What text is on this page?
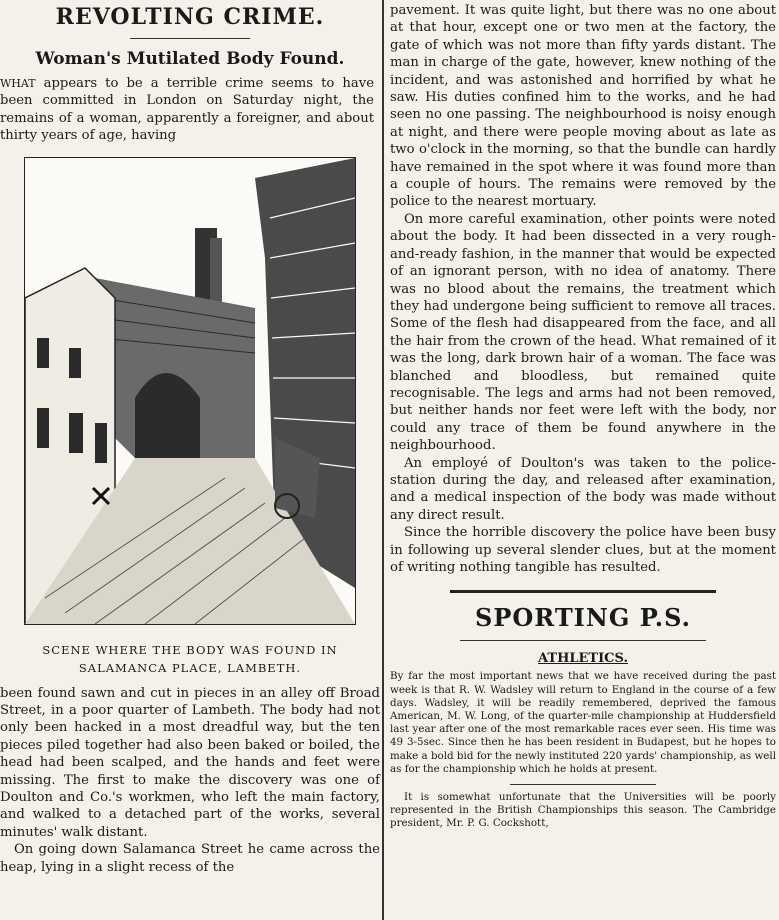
REVOLTING CRIME.
Woman's Mutilated Body Found.

WHAT appears to be a terrible crime seems to have been committed in London on Saturday night, the remains of a woman, apparently a foreigner, and about thirty years of age, having

SCENE WHERE THE BODY WAS FOUND IN
SALAMANCA PLACE, LAMBETH.

been found sawn and cut in pieces in an alley off Broad Street, in a poor quarter of Lambeth. The body had not only been hacked in a most dreadful way, but the ten pieces piled together had also been baked or boiled, the head had been scalped, and the hands and feet were missing. The first to make the discovery was one of Doulton and Co.'s workmen, who left the main factory, and walked to a detached part of the works, several minutes' walk distant.

On going down Salamanca Street he came across the heap, lying in a slight recess of the

pavement. It was quite light, but there was no one about at that hour, except one or two men at the factory, the gate of which was not more than fifty yards distant. The man in charge of the gate, however, knew nothing of the incident, and was astonished and horrified by what he saw. His duties confined him to the works, and he had seen no one passing. The neighbourhood is noisy enough at night, and there were people moving about as late as two o'clock in the morning, so that the bundle can hardly have remained in the spot where it was found more than a couple of hours. The remains were removed by the police to the nearest mortuary.

On more careful examination, other points were noted about the body. It had been dissected in a very rough-and-ready fashion, in the manner that would be expected of an ignorant person, with no idea of anatomy. There was no blood about the remains, the treatment which they had undergone being sufficient to remove all traces. Some of the flesh had disappeared from the face, and all the hair from the crown of the head. What remained of it was the long, dark brown hair of a woman. The face was blanched and bloodless, but remained quite recognisable. The legs and arms had not been removed, but neither hands nor feet were left with the body, nor could any trace of them be found anywhere in the neighbourhood.

An employé of Doulton's was taken to the police-station during the day, and released after examination, and a medical inspection of the body was made without any direct result.

Since the horrible discovery the police have been busy in following up several slender clues, but at the moment of writing nothing tangible has resulted.

SPORTING P.S.
ATHLETICS.

By far the most important news that we have received during the past week is that R. W. Wadsley will return to England in the course of a few days. Wadsley, it will be readily remembered, deprived the famous American, M. W. Long, of the quarter-mile championship at Huddersfield last year after one of the most remarkable races ever seen. His time was 49 3-5sec. Since then he has been resident in Budapest, but he hopes to make a bold bid for the newly instituted 220 yards' championship, as well as for the championship which he holds at present.

It is somewhat unfortunate that the Universities will be poorly represented in the British Championships this season. The Cambridge president, Mr. P. G. Cockshott,
